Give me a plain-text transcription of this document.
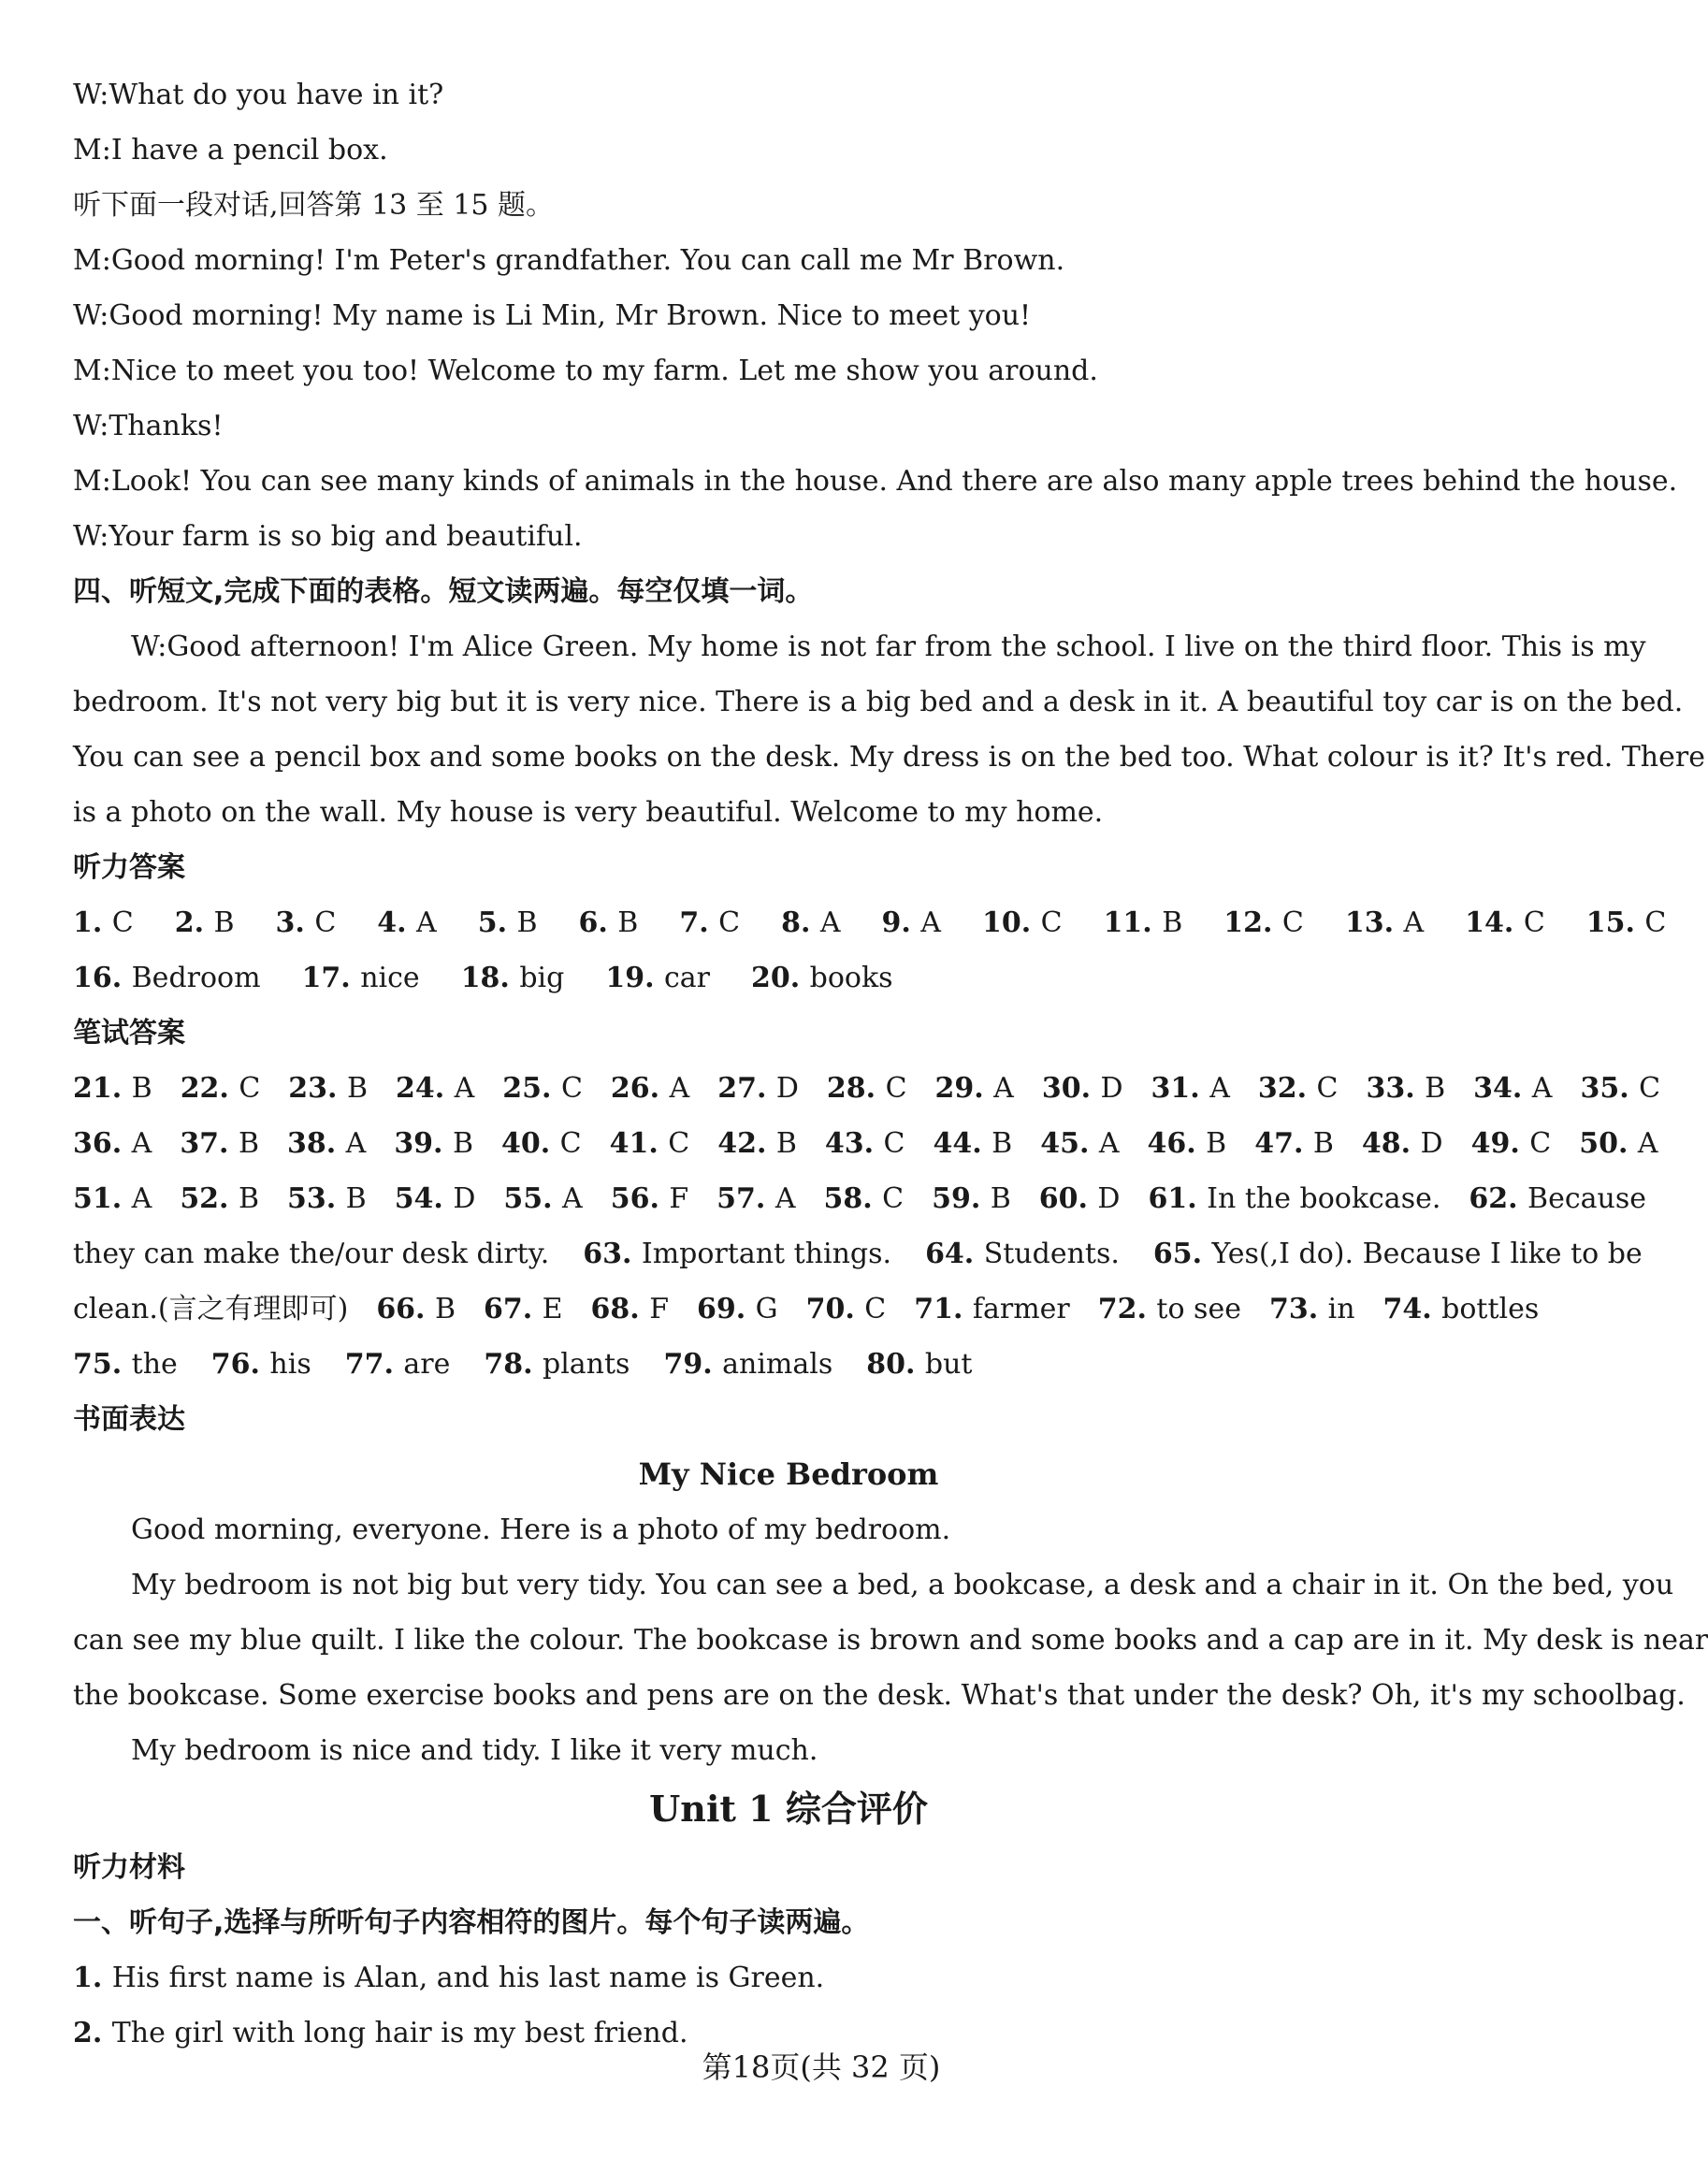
W:What do you have in it?
M:I have a pencil box.
听下面一段对话,回答第 13 至 15 题。
M:Good morning! I'm Peter's grandfather. You can call me Mr Brown.
W:Good morning! My name is Li Min, Mr Brown. Nice to meet you!
M:Nice to meet you too! Welcome to my farm. Let me show you around.
W:Thanks!
M:Look! You can see many kinds of animals in the house. And there are also many apple trees behind the house.
W:Your farm is so big and beautiful.
四、听短文,完成下面的表格。短文读两遍。每空仅填一词。
W:Good afternoon! I'm Alice Green. My home is not far from the school. I live on the third floor. This is my
bedroom. It's not very big but it is very nice. There is a big bed and a desk in it. A beautiful toy car is on the bed.
You can see a pencil box and some books on the desk. My dress is on the bed too. What colour is it? It's red. There
is a photo on the wall. My house is very beautiful. Welcome to my home.
听力答案
1. C 2. B 3. C 4. A 5. B 6. B 7. C 8. A 9. A 10. C 11. B 12. C 13. A 14. C 15. C
16. Bedroom 17. nice 18. big 19. car 20. books
笔试答案
21. B 22. C 23. B 24. A 25. C 26. A 27. D 28. C 29. A 30. D 31. A 32. C 33. B 34. A 35. C
36. A 37. B 38. A 39. B 40. C 41. C 42. B 43. C 44. B 45. A 46. B 47. B 48. D 49. C 50. A
51. A 52. B 53. B 54. D 55. A 56. F 57. A 58. C 59. B 60. D 61. In the bookcase. 62. Because
they can make the/our desk dirty. 63. Important things. 64. Students. 65. Yes(,I do). Because I like to be
clean.(言之有理即可) 66. B 67. E 68. F 69. G 70. C 71. farmer 72. to see 73. in 74. bottles
75. the 76. his 77. are 78. plants 79. animals 80. but
书面表达
My Nice Bedroom
Good morning, everyone. Here is a photo of my bedroom.
My bedroom is not big but very tidy. You can see a bed, a bookcase, a desk and a chair in it. On the bed, you
can see my blue quilt. I like the colour. The bookcase is brown and some books and a cap are in it. My desk is near
the bookcase. Some exercise books and pens are on the desk. What's that under the desk? Oh, it's my schoolbag.
My bedroom is nice and tidy. I like it very much.
Unit 1 综合评价
听力材料
一、听句子,选择与所听句子内容相符的图片。每个句子读两遍。
1. His first name is Alan, and his last name is Green.
2. The girl with long hair is my best friend.
第18页(共 32 页)
